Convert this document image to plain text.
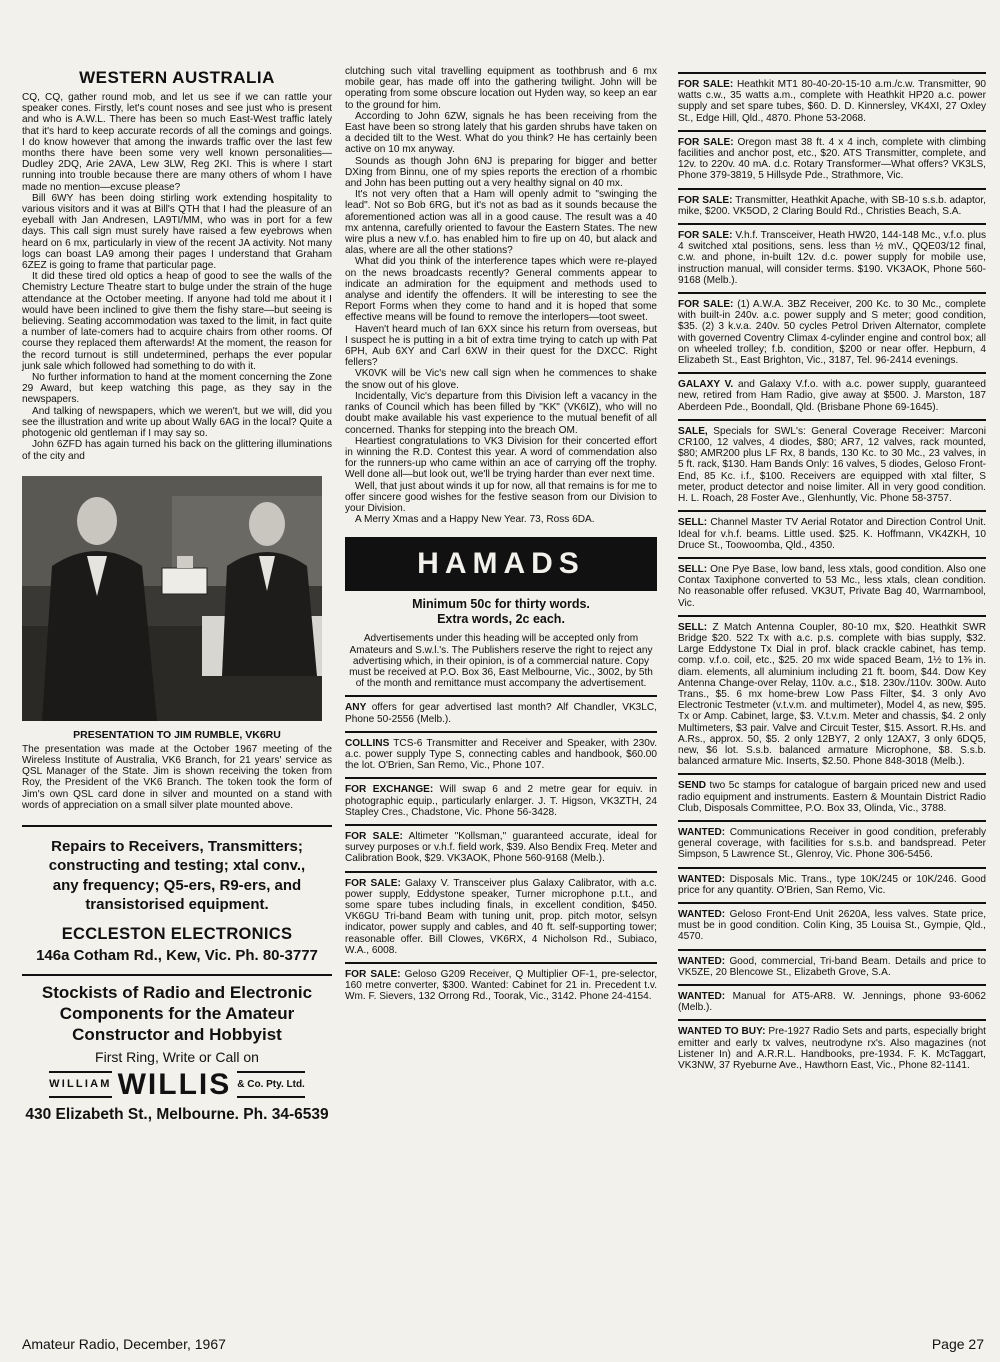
WESTERN AUSTRALIA

CQ, CQ, gather round mob, and let us see if we can rattle your speaker cones. Firstly, let's count noses and see just who is present and who is A.W.L. There has been so much East-West traffic lately that it's hard to keep accurate records of all the comings and goings. I do know however that among the inwards traffic over the last few months there have been some very well known personalities—Dudley 2DQ, Arie 2AVA, Lew 3LW, Reg 2KI. This is where I start running into trouble because there are many others of whom I have made no mention—excuse please?

Bill 6WY has been doing stirling work extending hospitality to various visitors and it was at Bill's QTH that I had the pleasure of an eyeball with Jan Andresen, LA9TI/MM, who was in port for a few days. This call sign must surely have raised a few eyebrows when heard on 6 mx, particularly in view of the recent JA activity. Not many logs can boast LA9 among their pages I understand that Graham 6ZEZ is going to frame that particular page.

It did these tired old optics a heap of good to see the walls of the Chemistry Lecture Theatre start to bulge under the strain of the huge attendance at the October meeting. If anyone had told me about it I would have been inclined to give them the fishy stare—but seeing is believing. Seating accommodation was taxed to the limit, in fact quite a number of late-comers had to acquire chairs from other rooms. Of course they replaced them afterwards! At the moment, the reason for the record turnout is still undetermined, perhaps the ever popular junk sale which followed had something to do with it.

No further information to hand at the moment concerning the Zone 29 Award, but keep watching this page, as they say in the newspapers.

And talking of newspapers, which we weren't, but we will, did you see the illustration and write up about Wally 6AG in the local? Quite a photogenic old gentleman if I may say so.

John 6ZFD has again turned his back on the glittering illuminations of the city and

PRESENTATION TO JIM RUMBLE, VK6RU

The presentation was made at the October 1967 meeting of the Wireless Institute of Australia, VK6 Branch, for 21 years' service as QSL Manager of the State. Jim is shown receiving the token from Roy, the President of the VK6 Branch. The token took the form of Jim's own QSL card done in silver and mounted on a stand with words of appreciation on a small silver plate mounted above.

Repairs to Receivers, Transmitters;
constructing and testing; xtal conv.,
any frequency; Q5-ers, R9-ers, and
transistorised equipment.
ECCLESTON ELECTRONICS
146a Cotham Rd., Kew, Vic. Ph. 80-3777
Stockists of Radio and Electronic
Components for the Amateur
Constructor and Hobbyist
First Ring, Write or Call on
WILLIAM WILLIS & Co. Pty. Ltd.
430 Elizabeth St., Melbourne. Ph. 34-6539

clutching such vital travelling equipment as toothbrush and 6 mx mobile gear, has made off into the gathering twilight. John will be operating from some obscure location out Hyden way, so keep an ear to the ground for him.

According to John 6ZW, signals he has been receiving from the East have been so strong lately that his garden shrubs have taken on a decided tilt to the West. What do you think? He has certainly been active on 10 mx anyway.

Sounds as though John 6NJ is preparing for bigger and better DXing from Binnu, one of my spies reports the erection of a rhombic and John has been putting out a very healthy signal on 40 mx.

It's not very often that a Ham will openly admit to "swinging the lead". Not so Bob 6RG, but it's not as bad as it sounds because the aforementioned action was all in a good cause. The result was a 40 mx antenna, carefully oriented to favour the Eastern States. The new wire plus a new v.f.o. has enabled him to fire up on 40, but alack and alas, where are all the other stations?

What did you think of the interference tapes which were re-played on the news broadcasts recently? General comments appear to indicate an admiration for the equipment and methods used to analyse and identify the offenders. It will be interesting to see the Report Forms when they come to hand and it is hoped that some effective means will be found to remove the interlopers—toot sweet.

Haven't heard much of Ian 6XX since his return from overseas, but I suspect he is putting in a bit of extra time trying to catch up with Pat 6PH, Aub 6XY and Carl 6XW in their quest for the DXCC. Right fellers?

VK0VK will be Vic's new call sign when he commences to shake the snow out of his glove.

Incidentally, Vic's departure from this Division left a vacancy in the ranks of Council which has been filled by "KK" (VK6IZ), who will no doubt make available his vast experience to the mutual benefit of all concerned. Thanks for stepping into the breach OM.

Heartiest congratulations to VK3 Division for their concerted effort in winning the R.D. Contest this year. A word of commendation also for the runners-up who came within an ace of carrying off the trophy. Well done all—but look out, we'll be trying harder than ever next time.

Well, that just about winds it up for now, all that remains is for me to offer sincere good wishes for the festive season from our Division to your Division.

A Merry Xmas and a Happy New Year. 73, Ross 6DA.

HAMADS
Minimum 50c for thirty words.
Extra words, 2c each.

Advertisements under this heading will be accepted only from Amateurs and S.w.l.'s. The Publishers reserve the right to reject any advertising which, in their opinion, is of a commercial nature. Copy must be received at P.O. Box 36, East Melbourne, Vic., 3002, by 5th of the month and remittance must accompany the advertisement.

ANY offers for gear advertised last month? Alf Chandler, VK3LC, Phone 50-2556 (Melb.).

COLLINS TCS-6 Transmitter and Receiver and Speaker, with 230v. a.c. power supply Type S, connecting cables and handbook, $60.00 the lot. O'Brien, San Remo, Vic., Phone 107.

FOR EXCHANGE: Will swap 6 and 2 metre gear for equiv. in photographic equip., particularly enlarger. J. T. Higson, VK3ZTH, 24 Stapley Cres., Chadstone, Vic. Phone 56-3428.

FOR SALE: Altimeter "Kollsman," guaranteed accurate, ideal for survey purposes or v.h.f. field work, $39. Also Bendix Freq. Meter and Calibration Book, $29. VK3AOK, Phone 560-9168 (Melb.).

FOR SALE: Galaxy V. Transceiver plus Galaxy Calibrator, with a.c. power supply, Eddystone speaker, Turner microphone p.t.t., and some spare tubes including finals, in excellent condition, $450. VK6GU Tri-band Beam with tuning unit, prop. pitch motor, selsyn indicator, power supply and cables, and 40 ft. self-supporting tower; reasonable offer. Bill Clowes, VK6RX, 4 Nicholson Rd., Subiaco, W.A., 6008.

FOR SALE: Geloso G209 Receiver, Q Multiplier OF-1, pre-selector, 160 metre converter, $300. Wanted: Cabinet for 21 in. Precedent t.v. Wm. F. Sievers, 132 Orrong Rd., Toorak, Vic., 3142. Phone 24-4154.

FOR SALE: Heathkit MT1 80-40-20-15-10 a.m./c.w. Transmitter, 90 watts c.w., 35 watts a.m., complete with Heathkit HP20 a.c. power supply and set spare tubes, $60. D. D. Kinnersley, VK4XI, 27 Oxley St., Edge Hill, Qld., 4870. Phone 53-2068.

FOR SALE: Oregon mast 38 ft. 4 x 4 inch, complete with climbing facilities and anchor post, etc., $20. ATS Transmitter, complete, and 12v. to 220v. 40 mA. d.c. Rotary Transformer—What offers? VK3LS, Phone 379-3819, 5 Hillsyde Pde., Strathmore, Vic.

FOR SALE: Transmitter, Heathkit Apache, with SB-10 s.s.b. adaptor, mike, $200. VK5OD, 2 Claring Bould Rd., Christies Beach, S.A.

FOR SALE: V.h.f. Transceiver, Heath HW20, 144-148 Mc., v.f.o. plus 4 switched xtal positions, sens. less than ½ mV., QQE03/12 final, c.w. and phone, in-built 12v. d.c. power supply for mobile use, instruction manual, will consider terms. $190. VK3AOK, Phone 560-9168 (Melb.).

FOR SALE: (1) A.W.A. 3BZ Receiver, 200 Kc. to 30 Mc., complete with built-in 240v. a.c. power supply and S meter; good condition, $35. (2) 3 k.v.a. 240v. 50 cycles Petrol Driven Alternator, complete with governed Coventry Climax 4-cylinder engine and control box; all on wheeled trolley; f.b. condition, $200 or near offer. Hepburn, 4 Elizabeth St., East Brighton, Vic., 3187, Tel. 96-2414 evenings.

GALAXY V. and Galaxy V.f.o. with a.c. power supply, guaranteed new, retired from Ham Radio, give away at $500. J. Marston, 187 Aberdeen Pde., Boondall, Qld. (Brisbane Phone 69-1645).

SALE, Specials for SWL's: General Coverage Receiver: Marconi CR100, 12 valves, 4 diodes, $80; AR7, 12 valves, rack mounted, $80; AMR200 plus LF Rx, 8 bands, 130 Kc. to 30 Mc., 23 valves, in 5 ft. rack, $130. Ham Bands Only: 16 valves, 5 diodes, Geloso Front-End, 85 Kc. i.f., $100. Receivers are equipped with xtal filter, S meter, product detector and noise limiter. All in very good condition. H. L. Roach, 28 Foster Ave., Glenhuntly, Vic. Phone 58-3757.

SELL: Channel Master TV Aerial Rotator and Direction Control Unit. Ideal for v.h.f. beams. Little used. $25. K. Hoffmann, VK4ZKH, 10 Druce St., Toowoomba, Qld., 4350.

SELL: One Pye Base, low band, less xtals, good condition. Also one Contax Taxiphone converted to 53 Mc., less xtals, clean condition. No reasonable offer refused. VK3UT, Private Bag 40, Warrnambool, Vic.

SELL: Z Match Antenna Coupler, 80-10 mx, $20. Heathkit SWR Bridge $20. 522 Tx with a.c. p.s. complete with bias supply, $32. Large Eddystone Tx Dial in prof. black crackle cabinet, has temp. comp. v.f.o. coil, etc., $25. 20 mx wide spaced Beam, 1½ to 1⅜ in. diam. elements, all aluminium including 21 ft. boom, $44. Dow Key Antenna Change-over Relay, 110v. a.c., $18. 230v./110v. 300w. Auto Trans., $5. 6 mx home-brew Low Pass Filter, $4. 3 only Avo Electronic Testmeter (v.t.v.m. and multimeter), Model 4, as new, $95. Tx or Amp. Cabinet, large, $3. V.t.v.m. Meter and chassis, $4. 2 only Multimeters, $3 pair. Valve and Circuit Tester, $15. Assort. R.Hs. and A.Rs., approx. 50, $5. 2 only 12BY7, 2 only 12AX7, 3 only 6DQ5, new, $6 lot. S.s.b. balanced armature Microphone, $8. S.s.b. balanced armature Mic. Inserts, $2.50. Phone 848-3018 (Melb.).

SEND two 5c stamps for catalogue of bargain priced new and used radio equipment and instruments. Eastern & Mountain District Radio Club, Disposals Committee, P.O. Box 33, Olinda, Vic., 3788.

WANTED: Communications Receiver in good condition, preferably general coverage, with facilities for s.s.b. and bandspread. Peter Simpson, 5 Lawrence St., Glenroy, Vic. Phone 306-5456.

WANTED: Disposals Mic. Trans., type 10K/245 or 10K/246. Good price for any quantity. O'Brien, San Remo, Vic.

WANTED: Geloso Front-End Unit 2620A, less valves. State price, must be in good condition. Colin King, 35 Louisa St., Gympie, Qld., 4570.

WANTED: Good, commercial, Tri-band Beam. Details and price to VK5ZE, 20 Blencowe St., Elizabeth Grove, S.A.

WANTED: Manual for AT5-AR8. W. Jennings, phone 93-6062 (Melb.).

WANTED TO BUY: Pre-1927 Radio Sets and parts, especially bright emitter and early tx valves, neutrodyne rx's. Also magazines (not Listener In) and A.R.R.L. Handbooks, pre-1934. F. K. McTaggart, VK3NW, 37 Ryeburne Ave., Hawthorn East, Vic., Phone 82-1141.

Amateur Radio, December, 1967	Page 27
